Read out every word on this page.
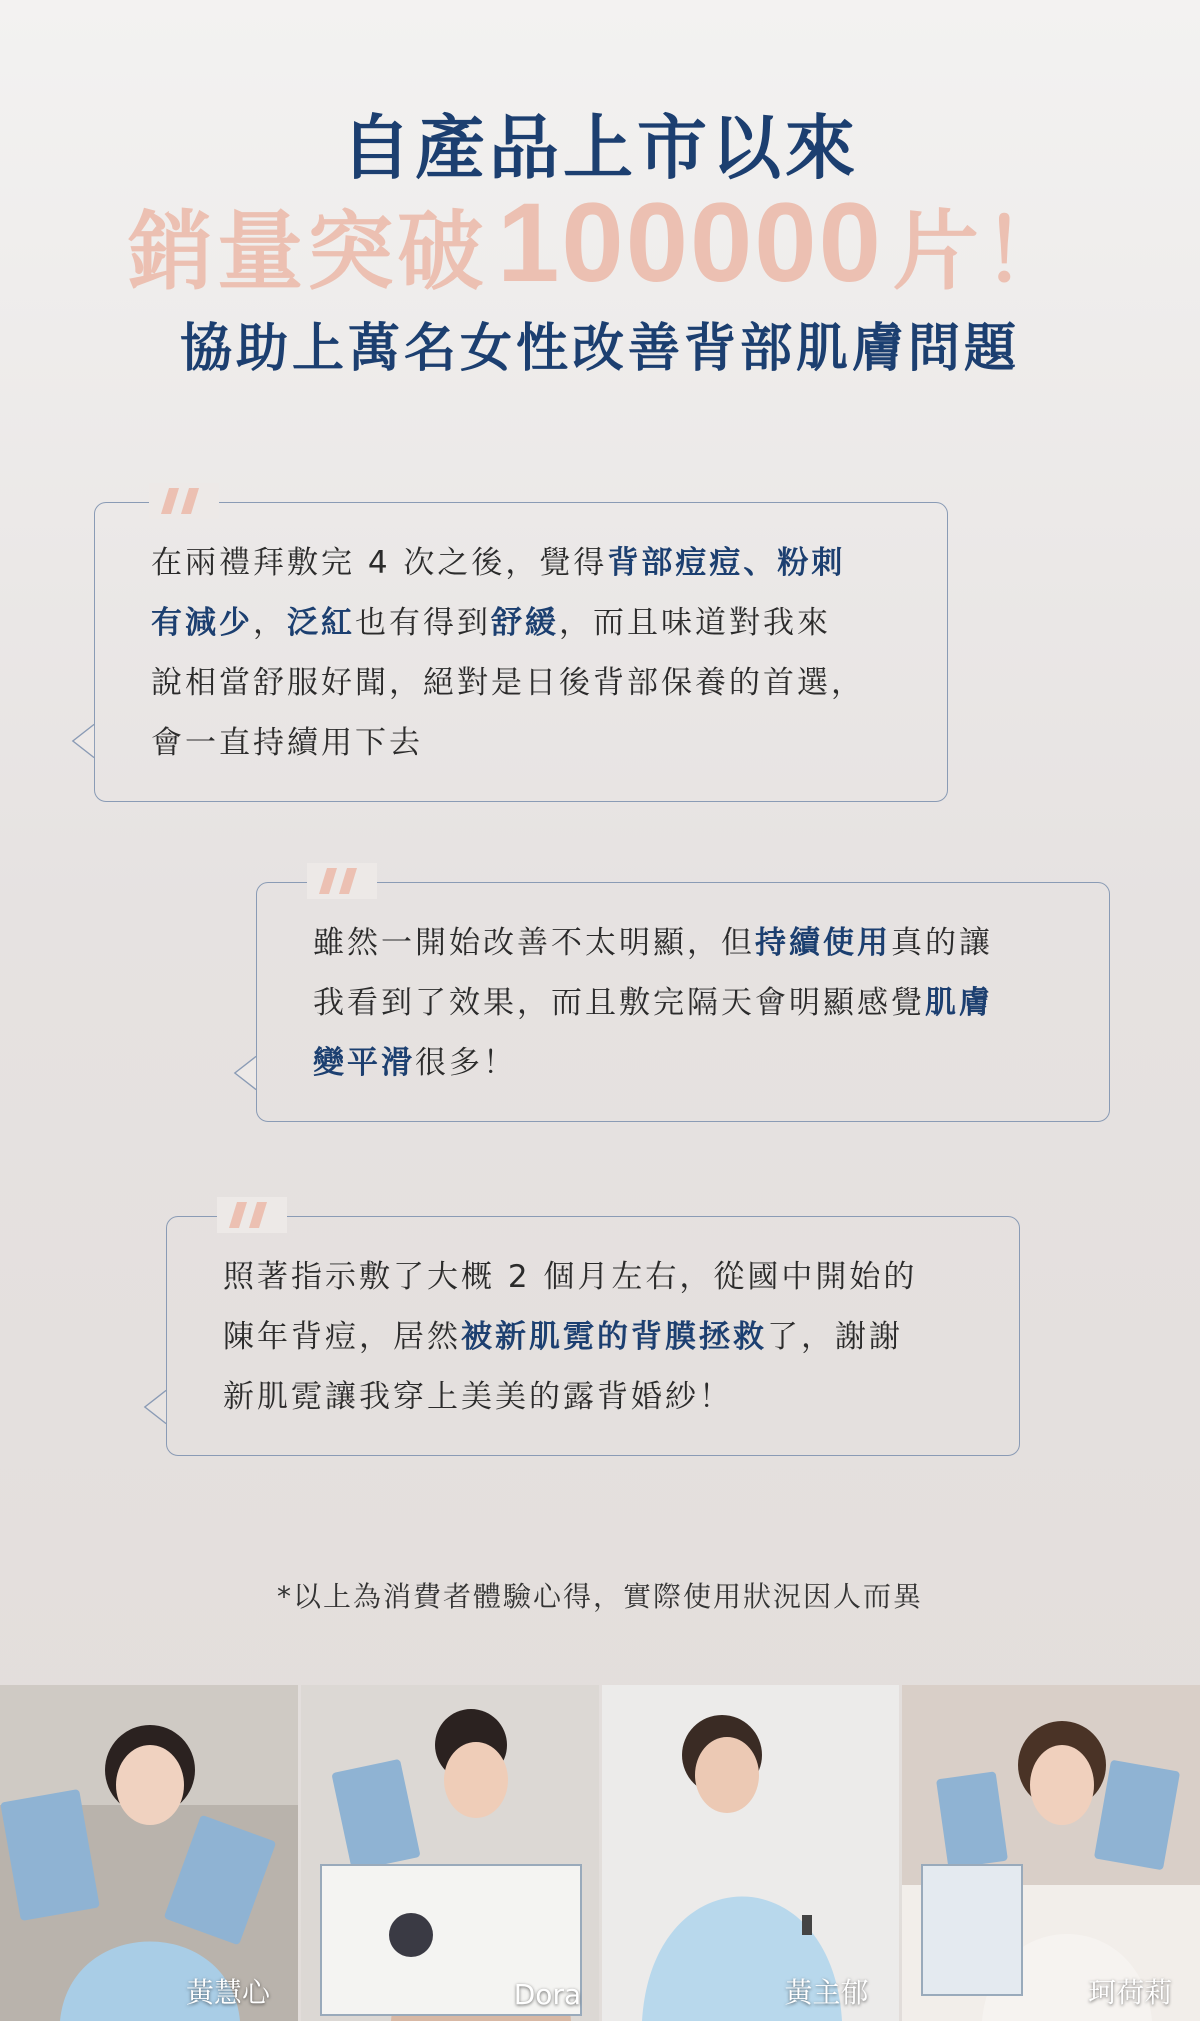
自產品上市以來
銷量突破100000 片！
協助上萬名女性改善背部肌膚問題
在兩禮拜敷完 4 次之後，覺得背部痘痘、粉刺
有減少，泛紅也有得到舒緩，而且味道對我來
說相當舒服好聞，絕對是日後背部保養的首選，
會一直持續用下去
雖然一開始改善不太明顯，但持續使用真的讓
我看到了效果，而且敷完隔天會明顯感覺肌膚
變平滑很多！
照著指示敷了大概 2 個月左右，從國中開始的
陳年背痘，居然被新肌霓的背膜拯救了，謝謝
新肌霓讓我穿上美美的露背婚紗！
*以上為消費者體驗心得，實際使用狀況因人而異
黃慧心	Dora	黃主郁	珂荷莉
